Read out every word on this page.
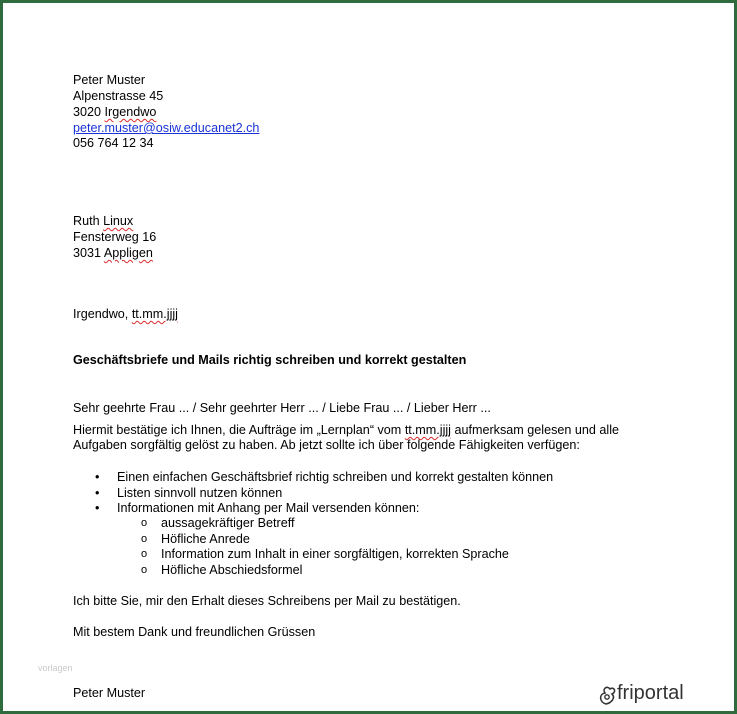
Peter Muster
Alpenstrasse 45
3020 Irgendwo
peter.muster@osiw.educanet2.ch
056 764 12 34
Ruth Linux
Fensterweg 16
3031 Appligen
Irgendwo, tt.mm.jjjj
Geschäftsbriefe und Mails richtig schreiben und korrekt gestalten
Sehr geehrte Frau ... / Sehr geehrter Herr ... / Liebe Frau ... / Lieber Herr ...
Hiermit bestätige ich Ihnen, die Aufträge im „Lernplan“ vom tt.mm.jjjj aufmerksam gelesen und alle
Aufgaben sorgfältig gelöst zu haben. Ab jetzt sollte ich über folgende Fähigkeiten verfügen:
• Einen einfachen Geschäftsbrief richtig schreiben und korrekt gestalten können
• Listen sinnvoll nutzen können
• Informationen mit Anhang per Mail versenden können:
o aussagekräftiger Betreff
o Höfliche Anrede
o Information zum Inhalt in einer sorgfältigen, korrekten Sprache
o Höfliche Abschiedsformel
Ich bitte Sie, mir den Erhalt dieses Schreibens per Mail zu bestätigen.
Mit bestem Dank und freundlichen Grüssen
Peter Muster
vorlagen
friportal
